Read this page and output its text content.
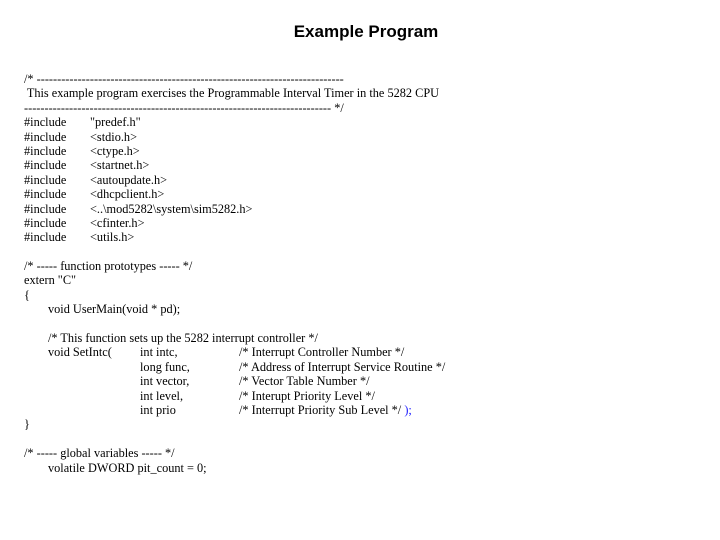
Example Program
/* ---------------------------------------------------------------------------
This example program exercises the Programmable Interval Timer in the 5282 CPU
--------------------------------------------------------------------------- */
#include "predef.h"
#include <stdio.h>
#include <ctype.h>
#include <startnet.h>
#include <autoupdate.h>
#include <dhcpclient.h>
#include <..\mod5282\system\sim5282.h>
#include <cfinter.h>
#include <utils.h>
/* ----- function prototypes ----- */
extern "C"
{
void UserMain(void * pd);
/* This function sets up the 5282 interrupt controller */
void SetIntc( int intc,	/* Interrupt Controller Number */
long func,	/* Address of Interrupt Service Routine */
int vector,	/* Vector Table Number */
int level,	/* Interupt Priority Level */
int prio	/* Interrupt Priority Sub Level */ );
}
/* ----- global variables ----- */
volatile DWORD pit_count = 0;
